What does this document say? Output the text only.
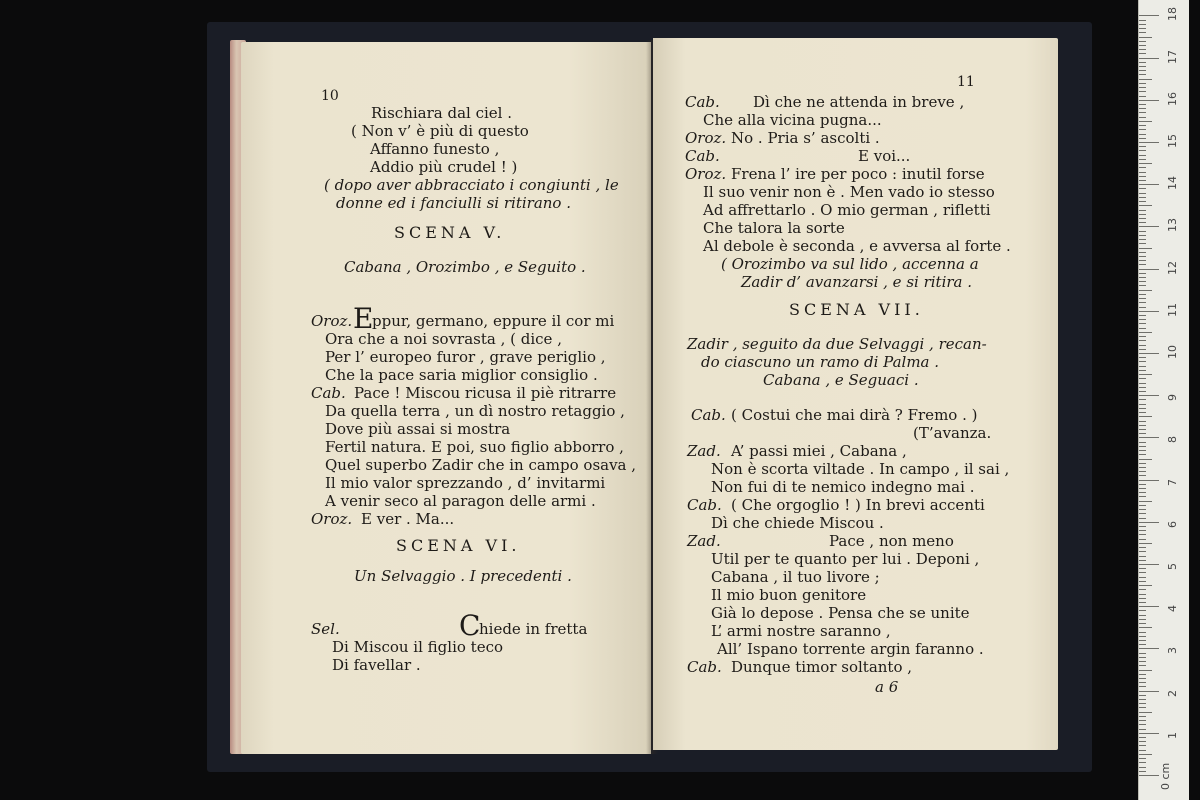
10
Rischiara dal ciel .
( Non v’ è più di questo
Affanno funesto ,
Addio più crudel ! )
( dopo aver abbracciato i congiunti , le
donne ed i fanciulli si ritirano .
SCENA V.
Cabana , Orozimbo , e Seguito .
Oroz. E
ppur, germano, eppure il cor mi
Ora che a noi sovrasta , ( dice ,
Per l’ europeo furor , grave periglio ,
Che la pace saria miglior consiglio .
Cab. Pace ! Miscou ricusa il piè ritrarre
Da quella terra , un dì nostro retaggio ,
Dove più assai si mostra
Fertil natura. E poi, suo figlio abborro ,
Quel superbo Zadir che in campo osava ,
Il mio valor sprezzando , d’ invitarmi
A venir seco al paragon delle armi .
Oroz. E ver . Ma...
SCENA VI.
Un Selvaggio . I precedenti .
Sel.	C
hiede in fretta
Di Miscou il figlio teco
Di favellar .
11
Cab. Dì che ne attenda in breve ,
Che alla vicina pugna...
Oroz. No . Pria s’ ascolti .
Cab.	E voi...
Oroz. Frena l’ ire per poco : inutil forse
Il suo venir non è . Men vado io stesso
Ad affrettarlo . O mio german , rifletti
Che talora la sorte
Al debole è seconda , e avversa al forte .
( Orozimbo va sul lido , accenna a
Zadir d’ avanzarsi , e si ritira .
SCENA VII.
Zadir , seguito da due Selvaggi , recan-
do ciascuno un ramo di Palma .
Cabana , e Seguaci .
Cab. ( Costui che mai dirà ? Fremo . )
(T’avanza.
Zad. A’ passi miei , Cabana ,
Non è scorta viltade . In campo , il sai ,
Non fui di te nemico indegno mai .
Cab. ( Che orgoglio ! ) In brevi accenti
Dì che chiede Miscou .
Zad.	Pace , non meno
Util per te quanto per lui . Deponi ,
Cabana , il tuo livore ;
Il mio buon genitore
Già lo depose . Pensa che se unite
L’ armi nostre saranno ,
All’ Ispano torrente argin faranno .
Cab. Dunque timor soltanto ,
a 6
0 cm
1
2
3
4
5
6
7
8
9
10
11
12
13
14
15
16
17
18
